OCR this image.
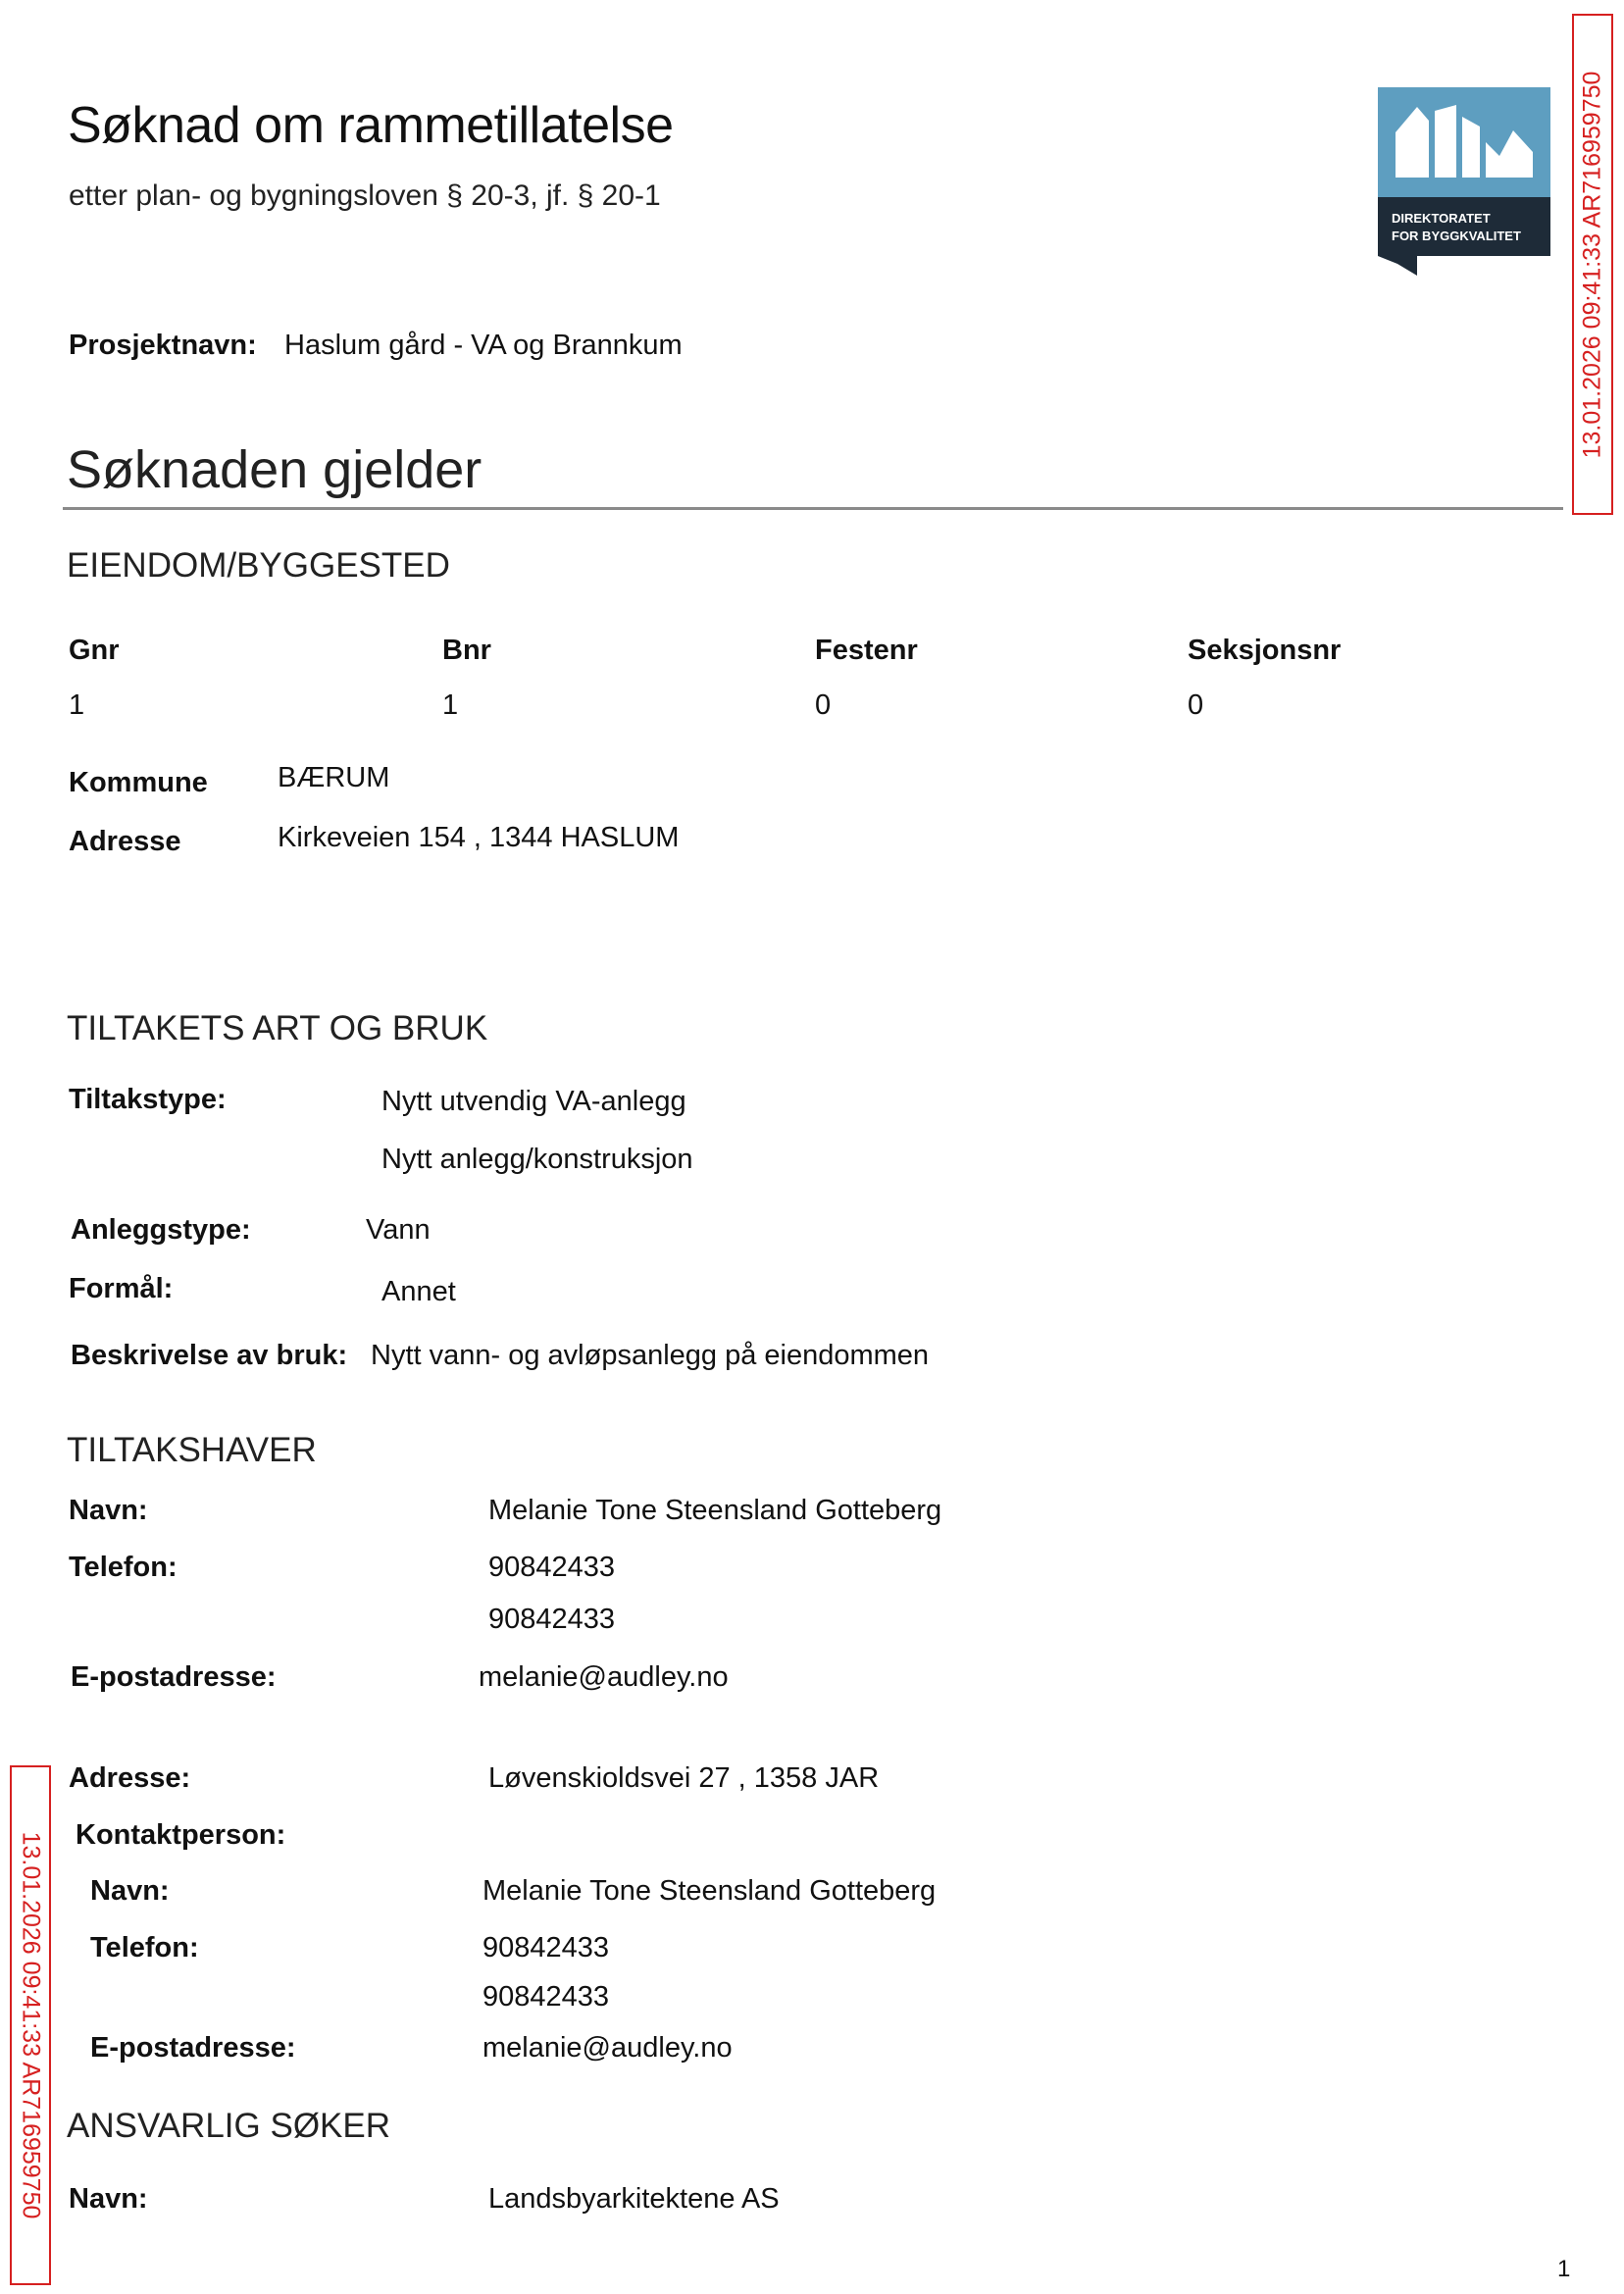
Søknad om rammetillatelse
etter plan- og bygningsloven § 20-3, jf. § 20-1
DIREKTORATET
FOR BYGGKVALITET 13.01.2026 09:41:33 AR716959750
Prosjektnavn: Haslum gård - VA og Brannkum
Søknaden gjelder
EIENDOM/BYGGESTED
Gnr	Bnr	Festenr	Seksjonsnr
1	1	0	0
Kommune BÆRUM
Adresse	Kirkeveien 154 , 1344 HASLUM
TILTAKETS ART OG BRUK
Tiltakstype:	Nytt utvendig VA-anlegg
Nytt anlegg/konstruksjon
Anleggstype:	Vann
Formål:	Annet
Beskrivelse av bruk: Nytt vann- og avløpsanlegg på eiendommen
TILTAKSHAVER
Navn:	Melanie Tone Steensland Gotteberg
Telefon:	90842433
90842433
E-postadresse:	melanie@audley.no
Adresse:	Løvenskioldsvei 27 , 1358 JAR
Kontaktperson:
Navn:	Melanie Tone Steensland Gotteberg
Telefon:	90842433
90842433
E-postadresse:	melanie@audley.no
ANSVARLIG SØKER
Navn:	Landsbyarkitektene AS
13.01.2026 09:41:33 AR716959750
1
